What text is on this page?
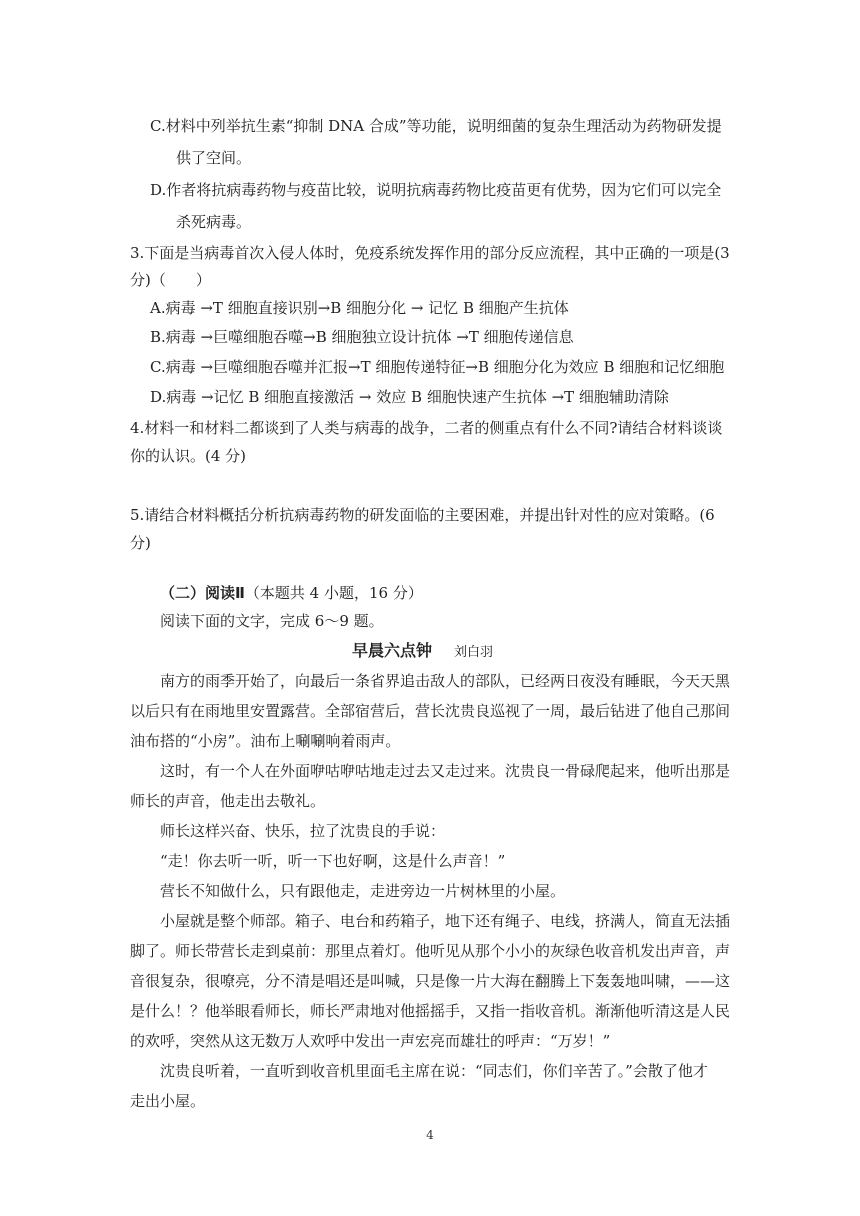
C.材料中列举抗生素“抑制 DNA 合成”等功能，说明细菌的复杂生理活动为药物研发提
供了空间。
D.作者将抗病毒药物与疫苗比较，说明抗病毒药物比疫苗更有优势，因为它们可以完全
杀死病毒。
3.下面是当病毒首次入侵人体时，免疫系统发挥作用的部分反应流程，其中正确的一项是(3
分)（　　）
A.病毒 →T 细胞直接识别→B 细胞分化 → 记忆 B 细胞产生抗体
B.病毒 →巨噬细胞吞噬→B 细胞独立设计抗体 →T 细胞传递信息
C.病毒 →巨噬细胞吞噬并汇报→T 细胞传递特征→B 细胞分化为效应 B 细胞和记忆细胞
D.病毒 →记忆 B 细胞直接激活 → 效应 B 细胞快速产生抗体 →T 细胞辅助清除
4.材料一和材料二都谈到了人类与病毒的战争，二者的侧重点有什么不同?请结合材料谈谈
你的认识。(4 分)
5.请结合材料概括分析抗病毒药物的研发面临的主要困难，并提出针对性的应对策略。(6
分)
（二）阅读Ⅱ（本题共 4 小题，16 分）
阅读下面的文字，完成 6～9 题。
早晨六点钟 刘白羽
南方的雨季开始了，向最后一条省界追击敌人的部队，已经两日夜没有睡眠，今天天黑
以后只有在雨地里安置露营。全部宿营后，营长沈贵良巡视了一周，最后钻进了他自己那间
油布搭的“小房”。油布上唰唰响着雨声。
这时，有一个人在外面咿咕咿咕地走过去又走过来。沈贵良一骨碌爬起来，他听出那是
师长的声音，他走出去敬礼。
师长这样兴奋、快乐，拉了沈贵良的手说：
“走！你去听一听，听一下也好啊，这是什么声音！”
营长不知做什么，只有跟他走，走进旁边一片树林里的小屋。
小屋就是整个师部。箱子、电台和药箱子，地下还有绳子、电线，挤满人，简直无法插
脚了。师长带营长走到桌前：那里点着灯。他听见从那个小小的灰绿色收音机发出声音，声
音很复杂，很嘹亮，分不清是唱还是叫喊，只是像一片大海在翻腾上下轰轰地叫啸，——这
是什么！？他举眼看师长，师长严肃地对他摇摇手，又指一指收音机。渐渐他听清这是人民
的欢呼，突然从这无数万人欢呼中发出一声宏亮而雄壮的呼声：“万岁！”
沈贵良听着，一直听到收音机里面毛主席在说：“同志们，你们辛苦了。”会散了他才
走出小屋。
4
